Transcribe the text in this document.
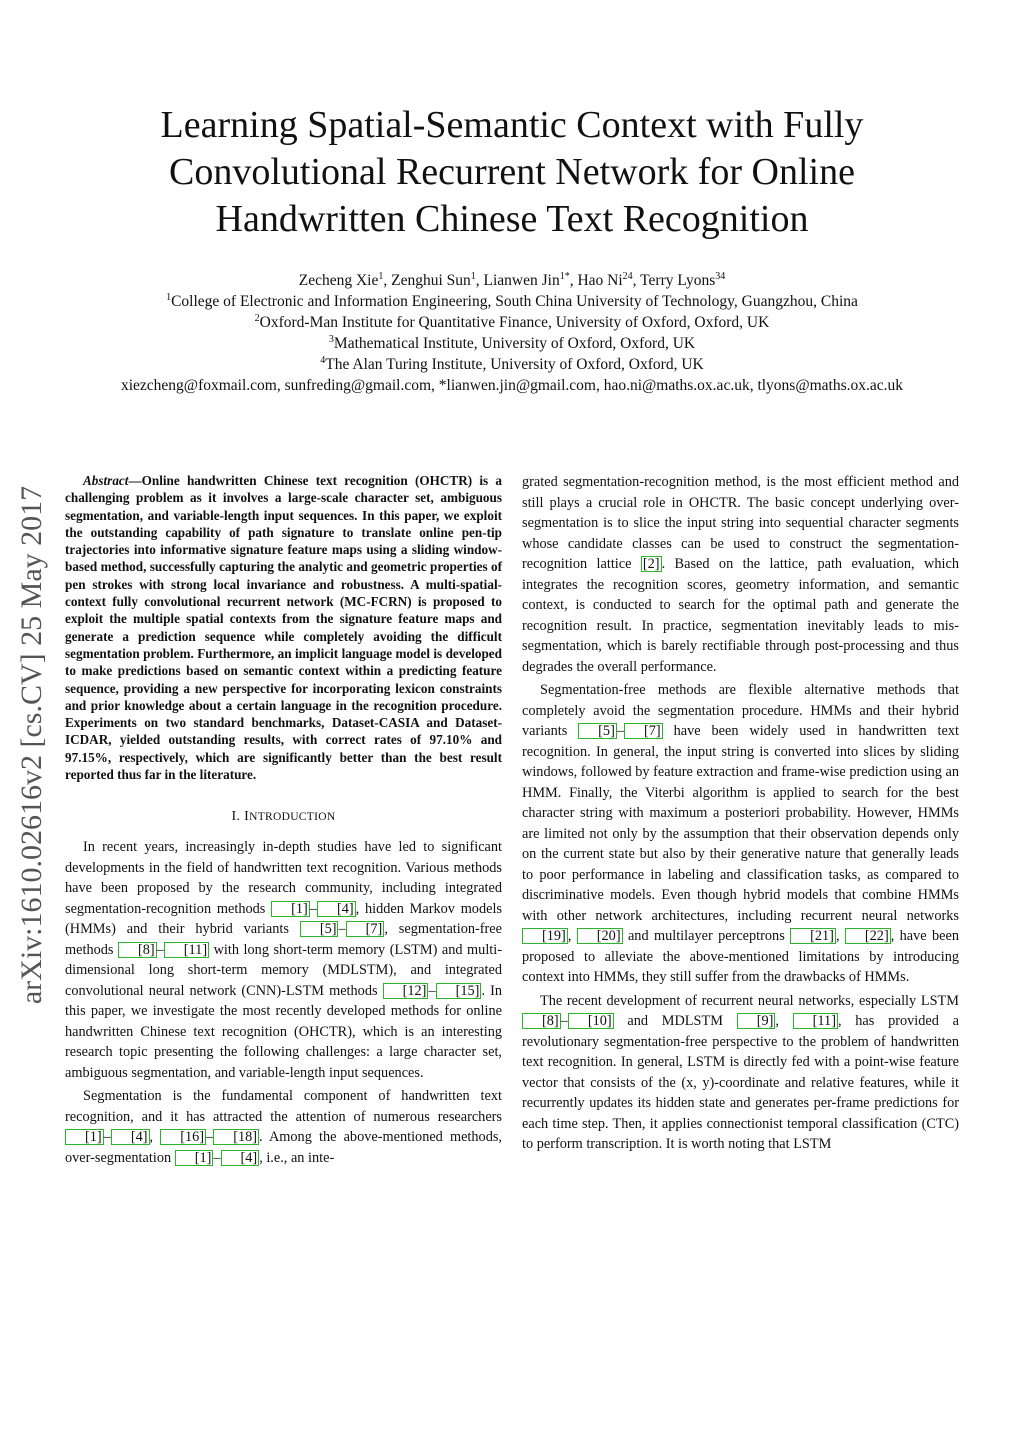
Learning Spatial-Semantic Context with Fully
Convolutional Recurrent Network for Online
Handwritten Chinese Text Recognition
Zecheng Xie$^1$, Zenghui Sun$^1$, Lianwen Jin$^{1*}$, Hao Ni$^{24}$, Terry Lyons$^{34}$
$^1$College of Electronic and Information Engineering, South China University of Technology, Guangzhou, China
$^2$Oxford-Man Institute for Quantitative Finance, University of Oxford, Oxford, UK
$^3$Mathematical Institute, University of Oxford, Oxford, UK
$^4$The Alan Turing Institute, University of Oxford, Oxford, UK
xiezcheng@foxmail.com, sunfreding@gmail.com, *lianwen.jin@gmail.com, hao.ni@maths.ox.ac.uk, tlyons@maths.ox.ac.uk
arXiv:1610.02616v2 [cs.CV] 25 May 2017

Abstract—Online handwritten Chinese text recognition (OHCTR) is a challenging problem as it involves a large-scale character set, ambiguous segmentation, and variable-length input sequences. In this paper, we exploit the outstanding capability of path signature to translate online pen-tip trajectories into informative signature feature maps using a sliding window-based method, successfully capturing the analytic and geometric properties of pen strokes with strong local invariance and robustness. A multi-spatial-context fully convolutional recurrent network (MC-FCRN) is proposed to exploit the multiple spatial contexts from the signature feature maps and generate a prediction sequence while completely avoiding the difficult segmentation problem. Furthermore, an implicit language model is developed to make predictions based on semantic context within a predicting feature sequence, providing a new perspective for incorporating lexicon constraints and prior knowledge about a certain language in the recognition procedure. Experiments on two standard benchmarks, Dataset-CASIA and Dataset-ICDAR, yielded outstanding results, with correct rates of 97.10% and 97.15%, respectively, which are significantly better than the best result reported thus far in the literature.

I. INTRODUCTION

In recent years, increasingly in-depth studies have led to significant developments in the field of handwritten text recognition. Various methods have been proposed by the research community, including integrated segmentation-recognition methods [1] – [4] , hidden Markov models (HMMs) and their hybrid variants [5] – [7] , segmentation-free methods [8] – [11] with long short-term memory (LSTM) and multi-dimensional long short-term memory (MDLSTM), and integrated convolutional neural network (CNN)-LSTM methods [12] – [15] . In this paper, we investigate the most recently developed methods for online handwritten Chinese text recognition (OHCTR), which is an interesting research topic presenting the following challenges: a large character set, ambiguous segmentation, and variable-length input sequences.

Segmentation is the fundamental component of handwritten text recognition, and it has attracted the attention of numerous researchers [1] – [4] , [16] – [18] . Among the above-mentioned methods, over-segmentation [1] – [4] , i.e., an inte-

grated segmentation-recognition method, is the most efficient method and still plays a crucial role in OHCTR. The basic concept underlying over-segmentation is to slice the input string into sequential character segments whose candidate classes can be used to construct the segmentation-recognition lattice [2] . Based on the lattice, path evaluation, which integrates the recognition scores, geometry information, and semantic context, is conducted to search for the optimal path and generate the recognition result. In practice, segmentation inevitably leads to mis-segmentation, which is barely rectifiable through post-processing and thus degrades the overall performance.

Segmentation-free methods are flexible alternative methods that completely avoid the segmentation procedure. HMMs and their hybrid variants [5] – [7] have been widely used in handwritten text recognition. In general, the input string is converted into slices by sliding windows, followed by feature extraction and frame-wise prediction using an HMM. Finally, the Viterbi algorithm is applied to search for the best character string with maximum a posteriori probability. However, HMMs are limited not only by the assumption that their observation depends only on the current state but also by their generative nature that generally leads to poor performance in labeling and classification tasks, as compared to discriminative models. Even though hybrid models that combine HMMs with other network architectures, including recurrent neural networks [19] , [20] and multilayer perceptrons [21] , [22] , have been proposed to alleviate the above-mentioned limitations by introducing context into HMMs, they still suffer from the drawbacks of HMMs.

The recent development of recurrent neural networks, especially LSTM [8] – [10] and MDLSTM [9] , [11] , has provided a revolutionary segmentation-free perspective to the problem of handwritten text recognition. In general, LSTM is directly fed with a point-wise feature vector that consists of the (x, y)-coordinate and relative features, while it recurrently updates its hidden state and generates per-frame predictions for each time step. Then, it applies connectionist temporal classification (CTC) to perform transcription. It is worth noting that LSTM
